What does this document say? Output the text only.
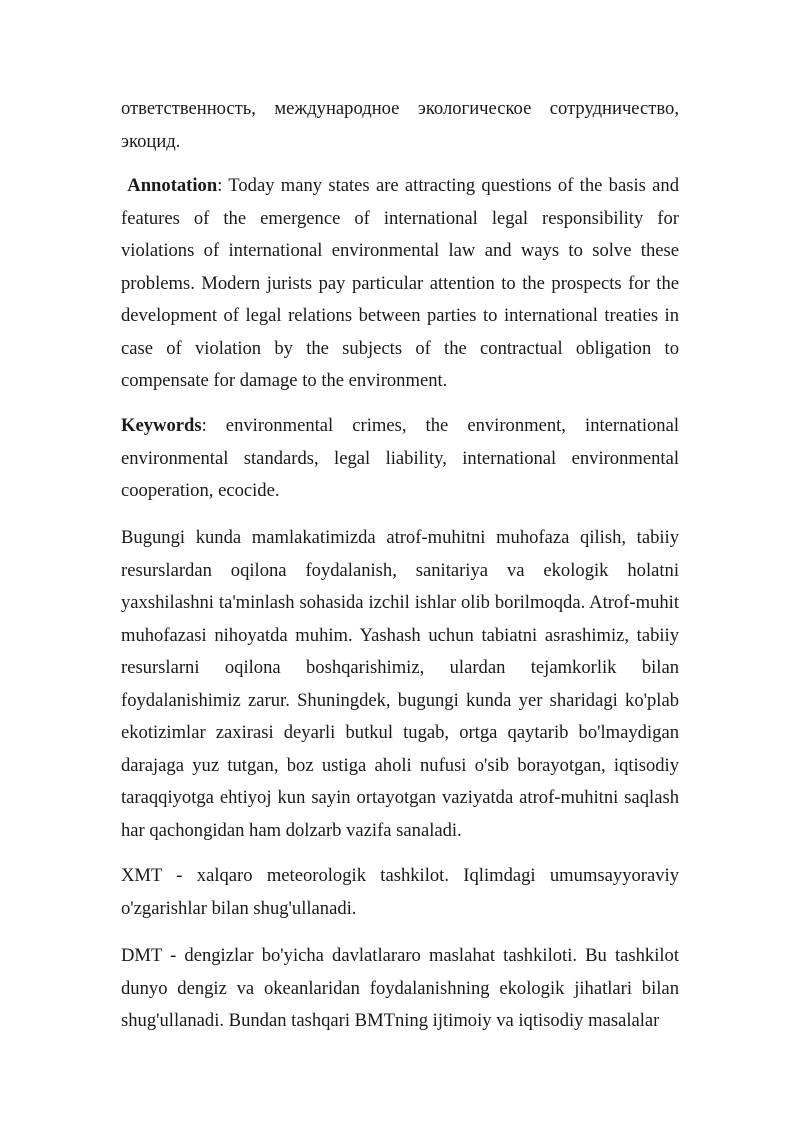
ответственность, международное экологическое сотрудничество, экоцид.

Annotation: Today many states are attracting questions of the basis and features of the emergence of international legal responsibility for violations of international environmental law and ways to solve these problems. Modern jurists pay particular attention to the prospects for the development of legal relations between parties to international treaties in case of violation by the subjects of the contractual obligation to compensate for damage to the environment.

Keywords: environmental crimes, the environment, international environmental standards, legal liability, international environmental cooperation, ecocide.

Bugungi kunda mamlakatimizda atrof-muhitni muhofaza qilish, tabiiy resurslardan oqilona foydalanish, sanitariya va ekologik holatni yaxshilashni ta'minlash sohasida izchil ishlar olib borilmoqda. Atrof-muhit muhofazasi nihoyatda muhim. Yashash uchun tabiatni asrashimiz, tabiiy resurslarni oqilona boshqarishimiz, ulardan tejamkorlik bilan foydalanishimiz zarur. Shuningdek, bugungi kunda yer sharidagi ko'plab ekotizimlar zaxirasi deyarli butkul tugab, ortga qaytarib bo'lmaydigan darajaga yuz tutgan, boz ustiga aholi nufusi o'sib borayotgan, iqtisodiy taraqqiyotga ehtiyoj kun sayin ortayotgan vaziyatda atrof-muhitni saqlash har qachongidan ham dolzarb vazifa sanaladi.

XMT - xalqaro meteorologik tashkilot. Iqlimdagi umumsayyoraviy o'zgarishlar bilan shug'ullanadi.

DMT - dengizlar bo'yicha davlatlararo maslahat tashkiloti. Bu tashkilot dunyo dengiz va okeanlaridan foydalanishning ekologik jihatlari bilan shug'ullanadi. Bundan tashqari BMTning ijtimoiy va iqtisodiy masalalar
